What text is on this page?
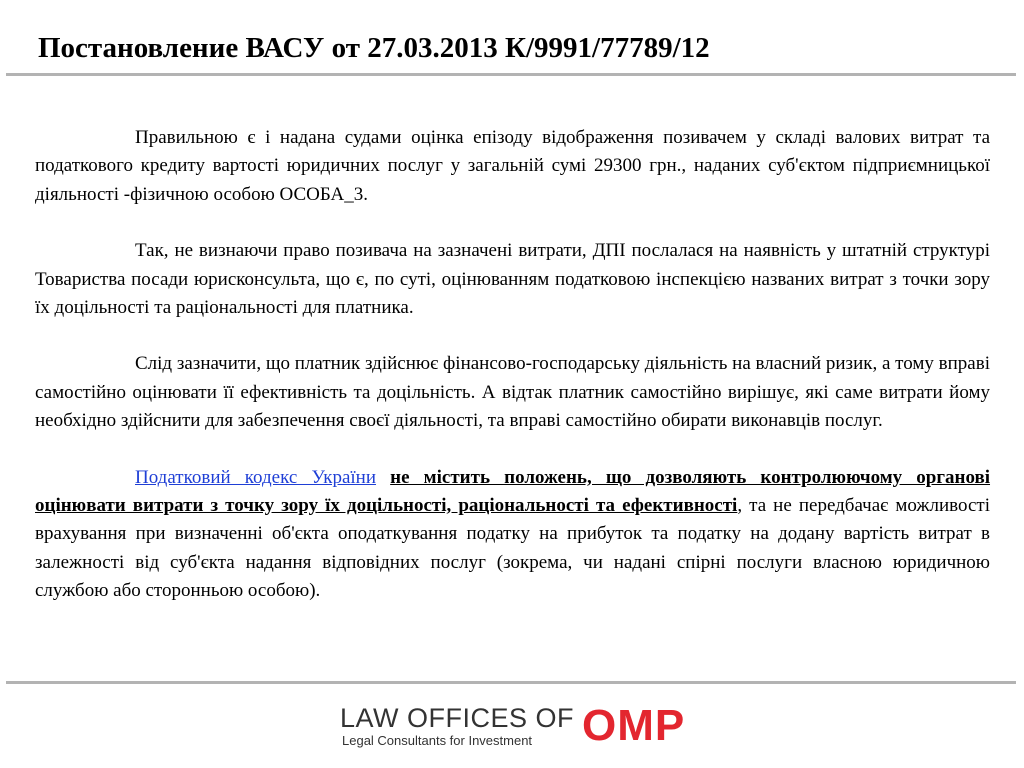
Постановление ВАСУ от 27.03.2013 К/9991/77789/12

Правильною є і надана судами оцінка епізоду відображення позивачем у складі валових витрат та податкового кредиту вартості юридичних послуг у загальній сумі 29300 грн., наданих суб'єктом підприємницької діяльності -фізичною особою ОСОБА_3.

Так, не визнаючи право позивача на зазначені витрати, ДПІ послалася на наявність у штатній структурі Товариства посади юрисконсульта, що є, по суті, оцінюванням податковою інспекцією названих витрат з точки зору їх доцільності та раціональності для платника.

Слід зазначити, що платник здійснює фінансово-господарську діяльність на власний ризик, а тому вправі самостійно оцінювати її ефективність та доцільність. А відтак платник самостійно вирішує, які саме витрати йому необхідно здійснити для забезпечення своєї діяльності, та вправі самостійно обирати виконавців послуг.

Податковий кодекс України не містить положень, що дозволяють контролюючому органові оцінювати витрати з точку зору їх доцільності, раціональності та ефективності, та не передбачає можливості врахування при визначенні об'єкта оподаткування податку на прибуток та податку на додану вартість витрат в залежності від суб'єкта надання відповідних послуг (зокрема, чи надані спірні послуги власною юридичною службою або сторонньою особою).

LAW OFFICES OF
Legal Consultants for Investment	OMP
